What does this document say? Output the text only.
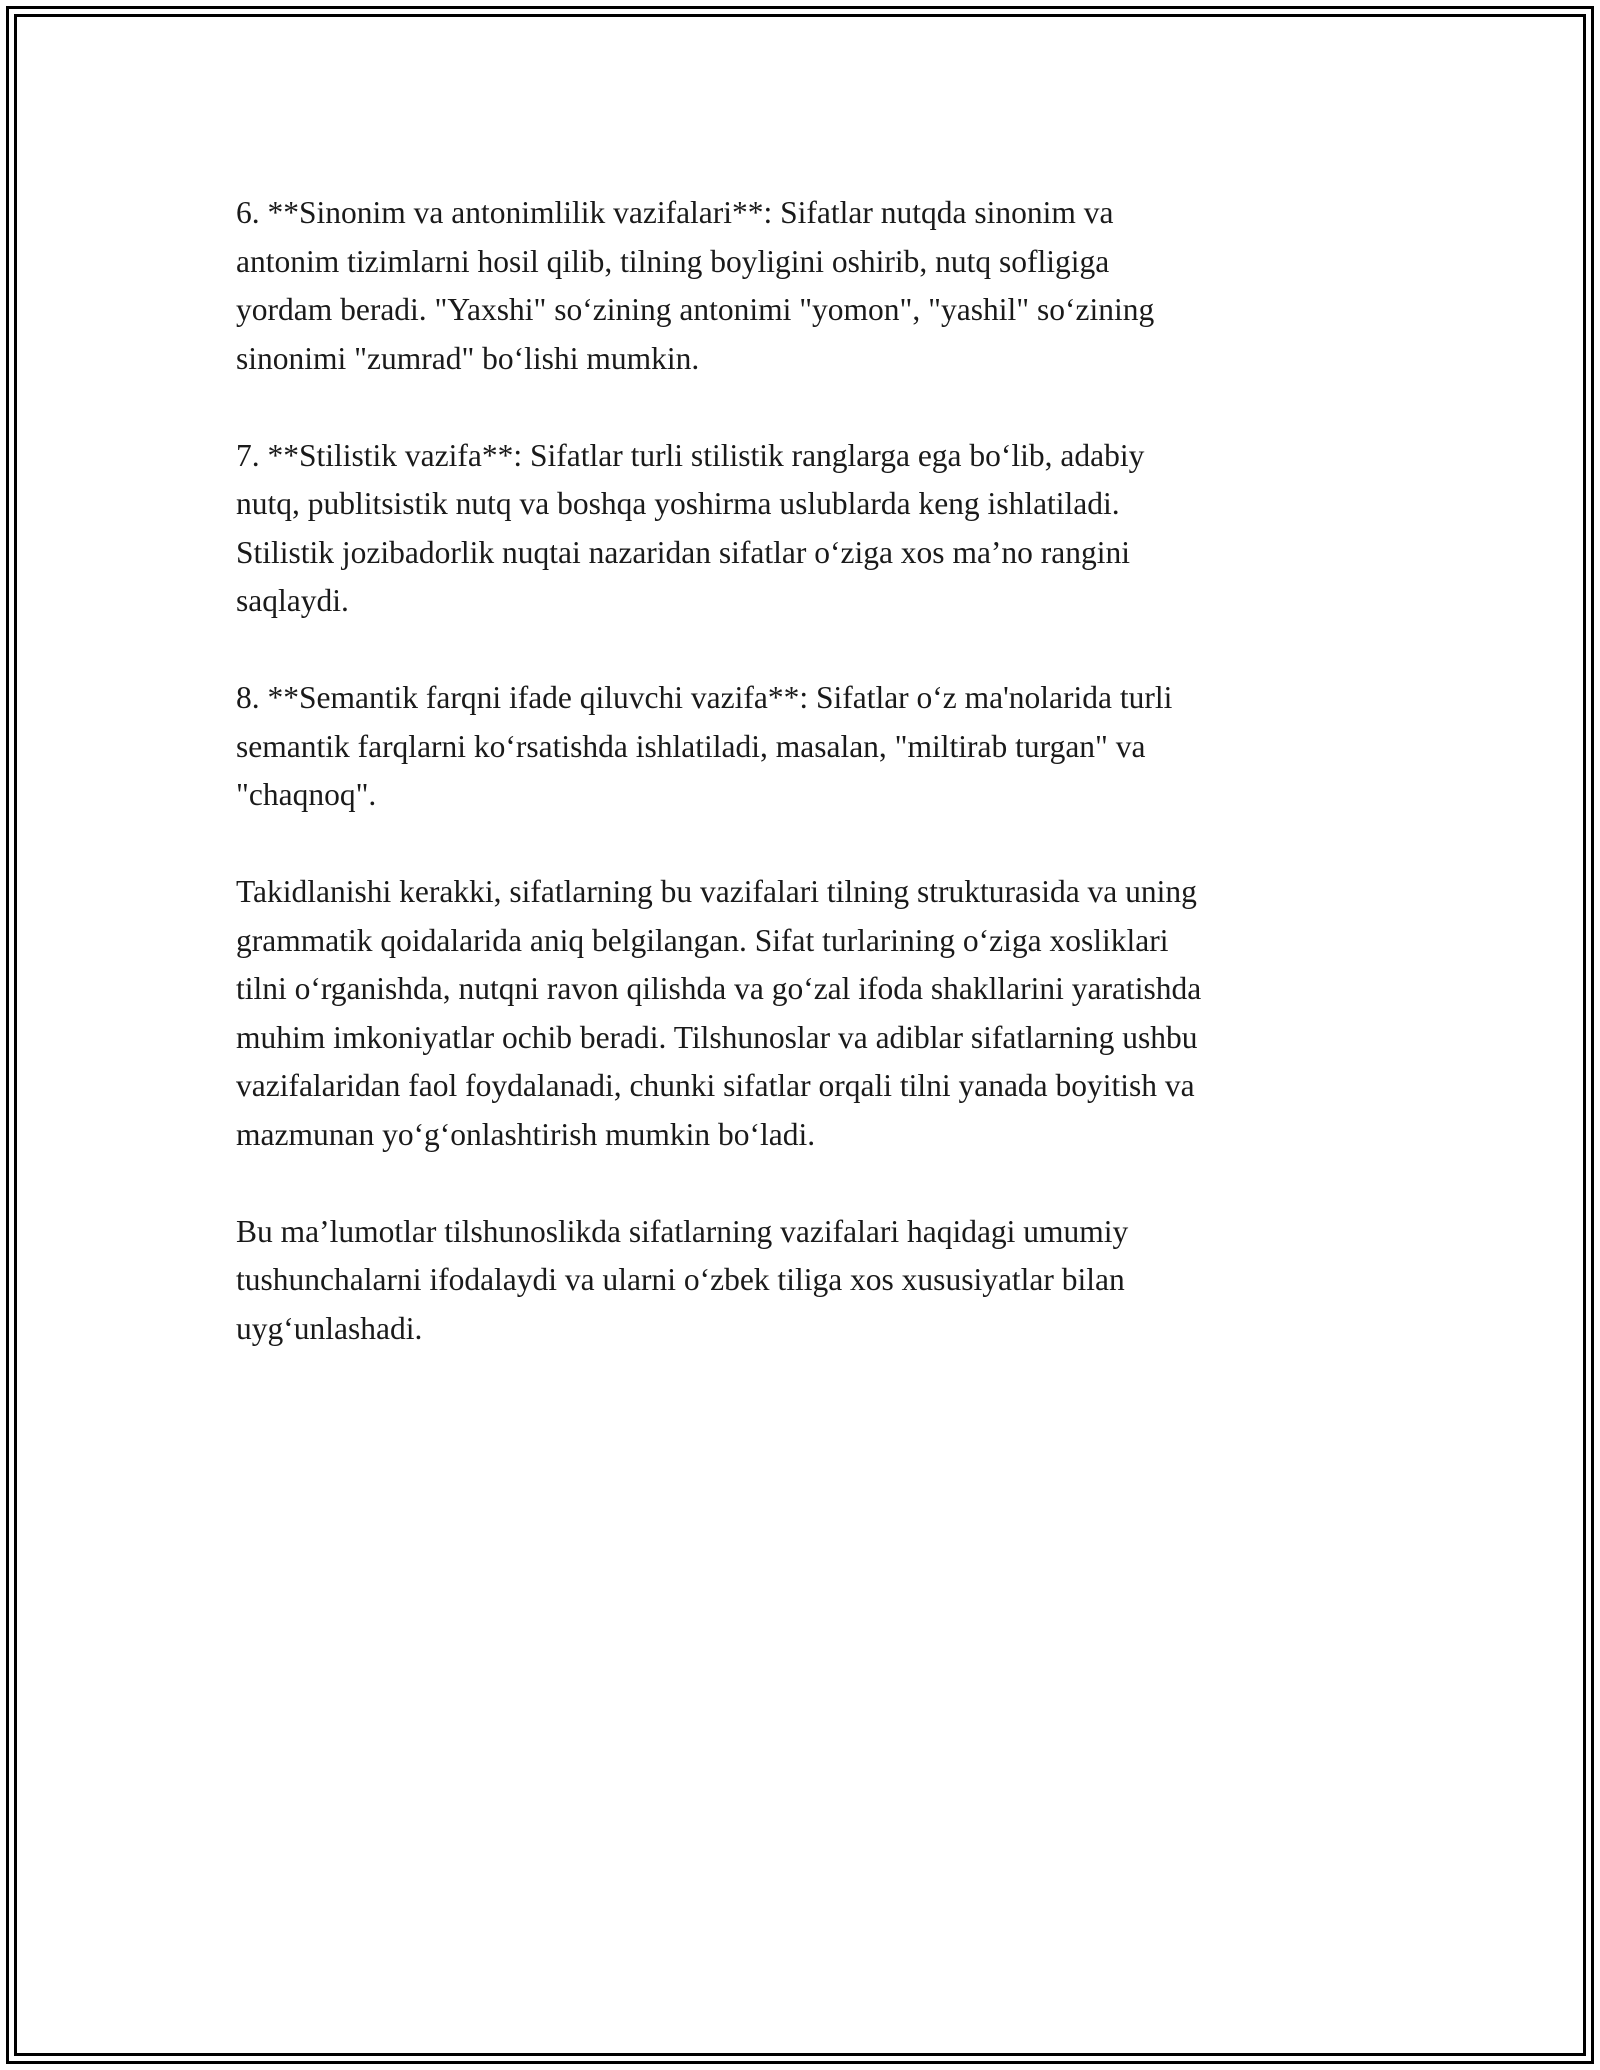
6. **Sinonim va antonimlilik vazifalari**: Sifatlar nutqda sinonim va
antonim tizimlarni hosil qilib, tilning boyligini oshirib, nutq sofligiga
yordam beradi. "Yaxshi" so‘zining antonimi "yomon", "yashil" so‘zining
sinonimi "zumrad" bo‘lishi mumkin.

7. **Stilistik vazifa**: Sifatlar turli stilistik ranglarga ega bo‘lib, adabiy
nutq, publitsistik nutq va boshqa yoshirma uslublarda keng ishlatiladi.
Stilistik jozibadorlik nuqtai nazaridan sifatlar o‘ziga xos ma’no rangini
saqlaydi.

8. **Semantik farqni ifade qiluvchi vazifa**: Sifatlar o‘z ma'nolarida turli
semantik farqlarni ko‘rsatishda ishlatiladi, masalan, "miltirab turgan" va
"chaqnoq".

Takidlanishi kerakki, sifatlarning bu vazifalari tilning strukturasida va uning
grammatik qoidalarida aniq belgilangan. Sifat turlarining o‘ziga xosliklari
tilni o‘rganishda, nutqni ravon qilishda va go‘zal ifoda shakllarini yaratishda
muhim imkoniyatlar ochib beradi. Tilshunoslar va adiblar sifatlarning ushbu
vazifalaridan faol foydalanadi, chunki sifatlar orqali tilni yanada boyitish va
mazmunan yo‘g‘onlashtirish mumkin bo‘ladi.

Bu ma’lumotlar tilshunoslikda sifatlarning vazifalari haqidagi umumiy
tushunchalarni ifodalaydi va ularni o‘zbek tiliga xos xususiyatlar bilan
uyg‘unlashadi.
